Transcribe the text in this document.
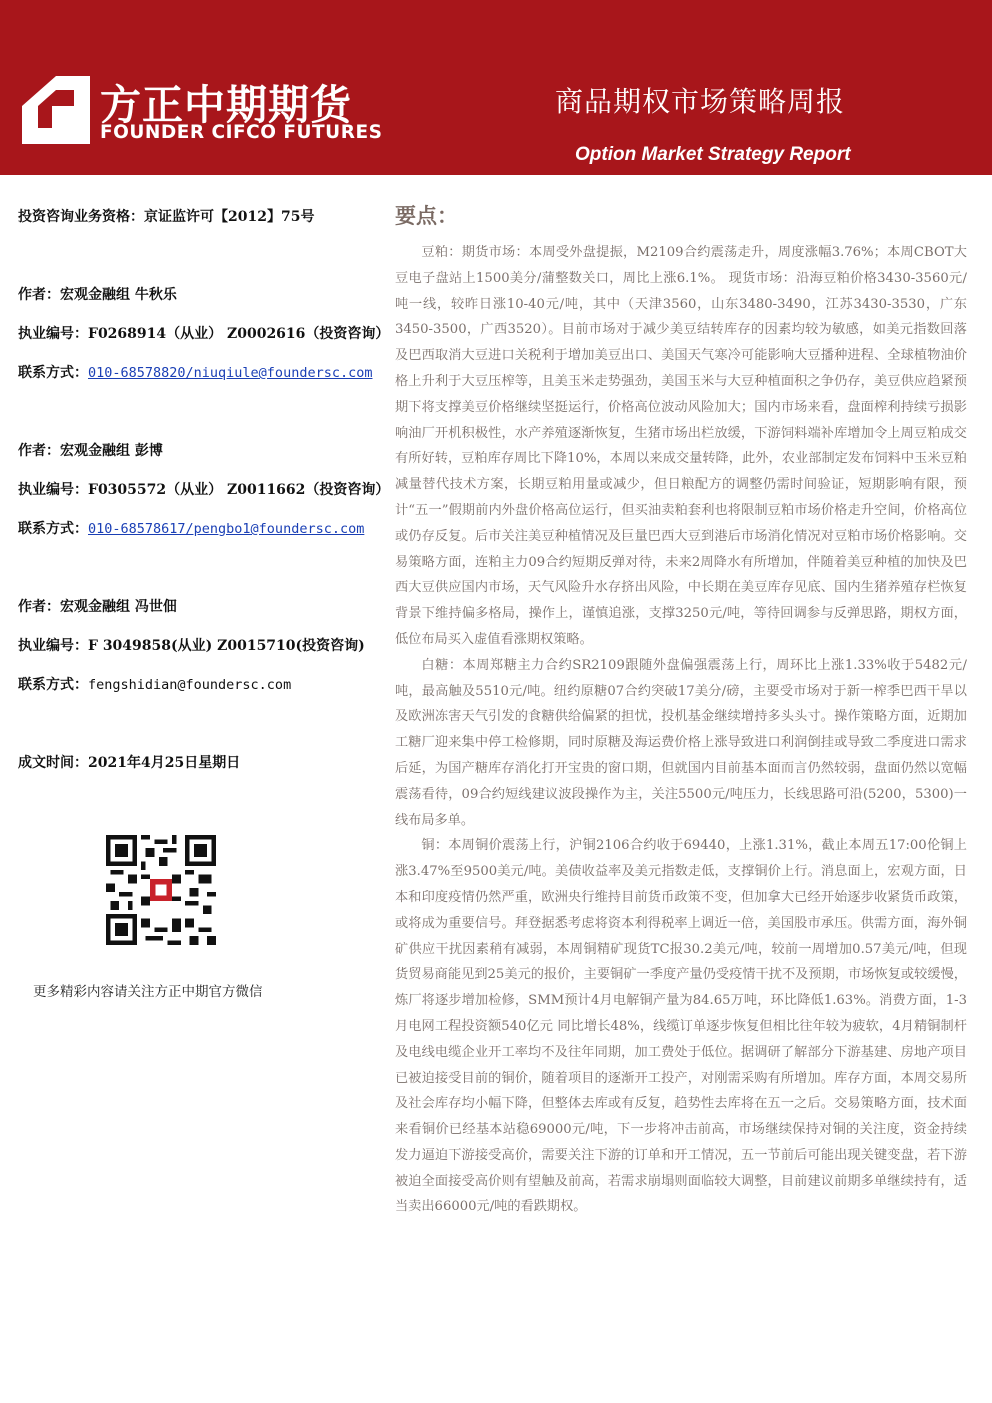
方正中期期货
FOUNDER CIFCO FUTURES
商品期权市场策略周报
Option Market Strategy Report
投资咨询业务资格：京证监许可【2012】75号
作者：宏观金融组 牛秋乐
执业编号：F0268914（从业） Z0002616（投资咨询）
联系方式：010-68578820/niuqiule@foundersc.com
作者：宏观金融组 彭博
执业编号：F0305572（从业） Z0011662（投资咨询）
联系方式：010-68578617/pengbo1@foundersc.com
作者：宏观金融组 冯世佃
执业编号：F 3049858(从业) Z0015710(投资咨询)
联系方式：fengshidian@foundersc.com
成文时间：2021年4月25日星期日
更多精彩内容请关注方正中期官方微信
要点：

豆粕：期货市场：本周受外盘提振，M2109合约震荡走升，周度涨幅3.76%；本周CBOT大豆电子盘站上1500美分/蒲整数关口，周比上涨6.1%。 现货市场：沿海豆粕价格3430-3560元/吨一线，较昨日涨10-40元/吨，其中（天津3560，山东3480-3490，江苏3430-3530，广东3450-3500，广西3520）。目前市场对于减少美豆结转库存的因素均较为敏感，如美元指数回落及巴西取消大豆进口关税利于增加美豆出口、美国天气寒冷可能影响大豆播种进程、全球植物油价格上升利于大豆压榨等，且美玉米走势强劲，美国玉米与大豆种植面积之争仍存，美豆供应趋紧预期下将支撑美豆价格继续坚挺运行，价格高位波动风险加大；国内市场来看，盘面榨利持续亏损影响油厂开机积极性，水产养殖逐渐恢复，生猪市场出栏放缓，下游饲料端补库增加令上周豆粕成交有所好转，豆粕库存周比下降10%，本周以来成交量转降，此外，农业部制定发布饲料中玉米豆粕减量替代技术方案，长期豆粕用量或减少，但日粮配方的调整仍需时间验证，短期影响有限，预计“五一”假期前内外盘价格高位运行，但买油卖粕套利也将限制豆粕市场价格走升空间，价格高位或仍存反复。后市关注美豆种植情况及巨量巴西大豆到港后市场消化情况对豆粕市场价格影响。交易策略方面，连粕主力09合约短期反弹对待，未来2周降水有所增加，伴随着美豆种植的加快及巴西大豆供应国内市场，天气风险升水存挤出风险，中长期在美豆库存见底、国内生猪养殖存栏恢复背景下维持偏多格局，操作上，谨慎追涨，支撑3250元/吨，等待回调参与反弹思路，期权方面，低位布局买入虚值看涨期权策略。

白糖：本周郑糖主力合约SR2109跟随外盘偏强震荡上行，周环比上涨1.33%收于5482元/吨，最高触及5510元/吨。纽约原糖07合约突破17美分/磅，主要受市场对于新一榨季巴西干旱以及欧洲冻害天气引发的食糖供给偏紧的担忧，投机基金继续增持多头头寸。操作策略方面，近期加工糖厂迎来集中停工检修期，同时原糖及海运费价格上涨导致进口利润倒挂或导致二季度进口需求后延，为国产糖库存消化打开宝贵的窗口期，但就国内目前基本面而言仍然较弱，盘面仍然以宽幅震荡看待，09合约短线建议波段操作为主，关注5500元/吨压力，长线思路可沿(5200，5300)一线布局多单。

铜：本周铜价震荡上行，沪铜2106合约收于69440，上涨1.31%，截止本周五17:00伦铜上涨3.47%至9500美元/吨。美债收益率及美元指数走低，支撑铜价上行。消息面上，宏观方面，日本和印度疫情仍然严重，欧洲央行维持目前货币政策不变，但加拿大已经开始逐步收紧货币政策，或将成为重要信号。拜登据悉考虑将资本利得税率上调近一倍，美国股市承压。供需方面，海外铜矿供应干扰因素稍有减弱，本周铜精矿现货TC报30.2美元/吨，较前一周增加0.57美元/吨，但现货贸易商能见到25美元的报价，主要铜矿一季度产量仍受疫情干扰不及预期，市场恢复或较缓慢，炼厂将逐步增加检修，SMM预计4月电解铜产量为84.65万吨，环比降低1.63%。消费方面，1-3月电网工程投资额540亿元 同比增长48%，线缆订单逐步恢复但相比往年较为疲软，4月精铜制杆及电线电缆企业开工率均不及往年同期，加工费处于低位。据调研了解部分下游基建、房地产项目已被迫接受目前的铜价，随着项目的逐渐开工投产，对刚需采购有所增加。库存方面，本周交易所及社会库存均小幅下降，但整体去库或有反复，趋势性去库将在五一之后。交易策略方面，技术面来看铜价已经基本站稳69000元/吨，下一步将冲击前高，市场继续保持对铜的关注度，资金持续发力逼迫下游接受高价，需要关注下游的订单和开工情况，五一节前后可能出现关键变盘，若下游被迫全面接受高价则有望触及前高，若需求崩塌则面临较大调整，目前建议前期多单继续持有，适当卖出66000元/吨的看跌期权。
